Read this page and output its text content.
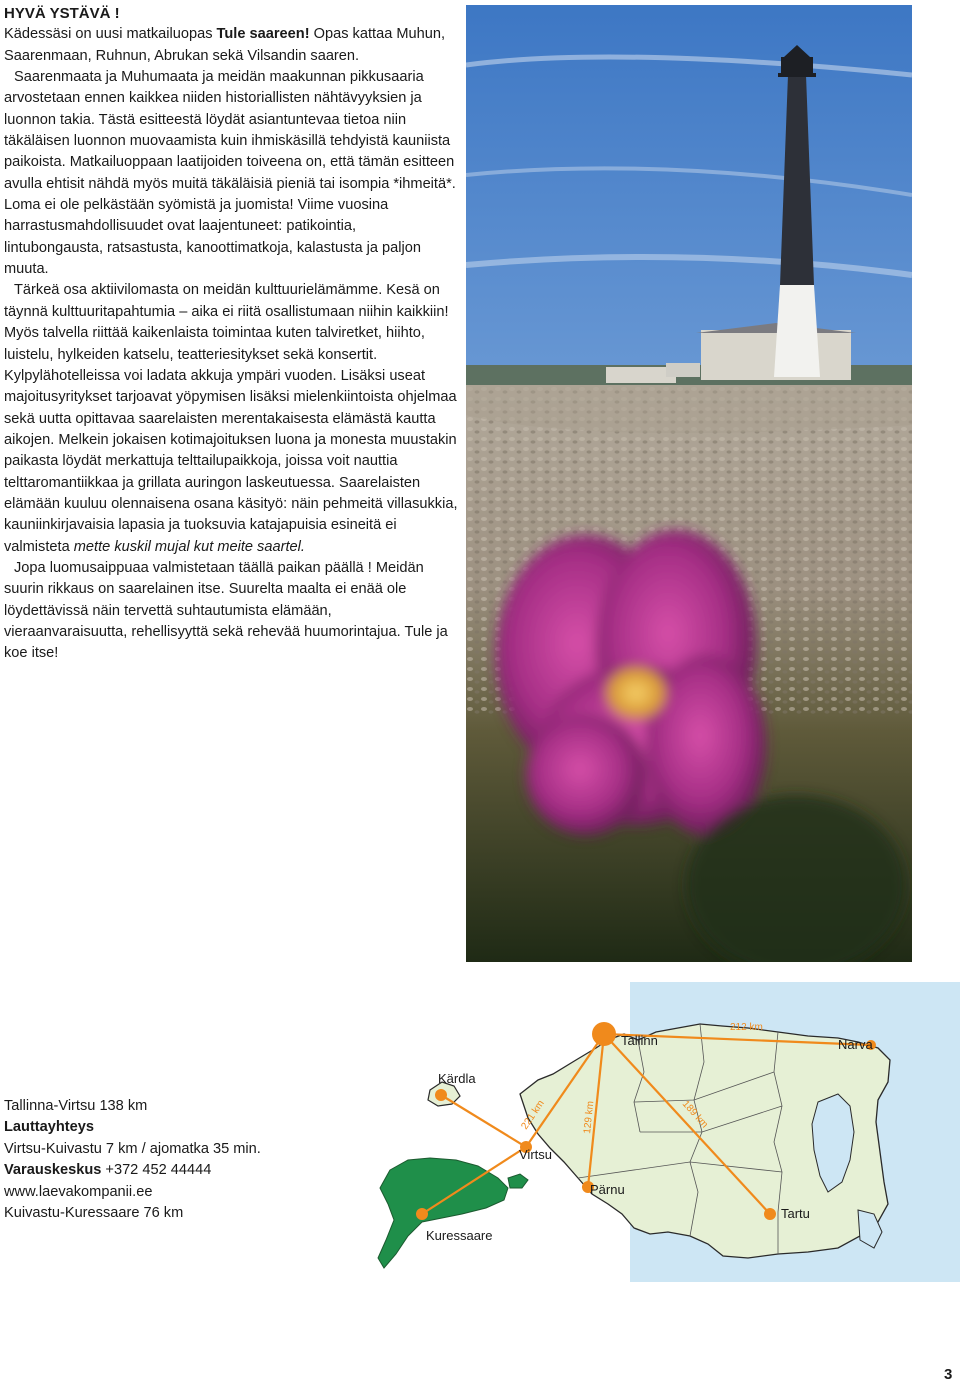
HYVÄ YSTÄVÄ !

Kädessäsi on uusi matkailuopas Tule saareen! Opas kattaa Muhun, Saarenmaan, Ruhnun, Abrukan sekä Vilsandin saaren.

Saarenmaata ja Muhumaata ja meidän maakunnan pikkusaaria arvostetaan ennen kaikkea niiden historiallisten nähtävyyksien ja luonnon takia. Tästä esitteestä löydät asiantuntevaa tietoa niin täkäläisen luonnon muovaamista kuin ihmiskäsillä tehdyistä kauniista paikoista. Matkailuoppaan laatijoiden toiveena on, että tämän esitteen avulla ehtisit nähdä myös muitä täkäläisiä pieniä tai isompia *ihmeitä*. Loma ei ole pelkästään syömistä ja juomista! Viime vuosina harrastusmahdollisuudet ovat laajentuneet: patikointia, lintubongausta, ratsastusta, kanoottimatkoja, kalastusta ja paljon muuta.

Tärkeä osa aktiivilomasta on meidän kulttuurielämämme. Kesä on täynnä kulttuuritapahtumia – aika ei riitä osallistumaan niihin kaikkiin! Myös talvella riittää kaikenlaista toimintaa kuten talviretket, hiihto, luistelu, hylkeiden katselu, teatteriesitykset sekä konsertit. Kylpylähotelleissa voi ladata akkuja ympäri vuoden. Lisäksi useat majoitusyritykset tarjoavat yöpymisen lisäksi mielenkiintoista ohjelmaa sekä uutta opittavaa saarelaisten merentakaisesta elämästä kautta aikojen. Melkein jokaisen kotimajoituksen luona ja monesta muustakin paikasta löydät merkattuja telttailupaikkoja, joissa voit nauttia telttaromantiikkaa ja grillata auringon laskeutuessa. Saarelaisten elämään kuuluu olennaisena osana käsityö: näin pehmeitä villasukkia, kauniinkirjavaisia lapasia ja tuoksuvia katajapuisia esineitä ei valmisteta mette kuskil mujal kut meite saartel.

Jopa luomusaippuaa valmistetaan täällä paikan päällä ! Meidän suurin rikkaus on saarelainen itse. Suurelta maalta ei enää ole löydettävissä näin tervettä suhtautumista elämään, vieraanvaraisuutta, rehellisyyttä sekä rehevää huumorintajua. Tule ja koe itse!

Tallinna-Virtsu 138 km
Lauttayhteys
Virtsu-Kuivastu 7 km / ajomatka 35 min.
Varauskeskus +372 452 44444
www.laevakompanii.ee
Kuivastu-Kuressaare 76 km
Tallinn	Narva
Kärdla
Virtsu
Pärnu
Tartu
Kuressaare
212 km
221 km	129 km	189 km
3
